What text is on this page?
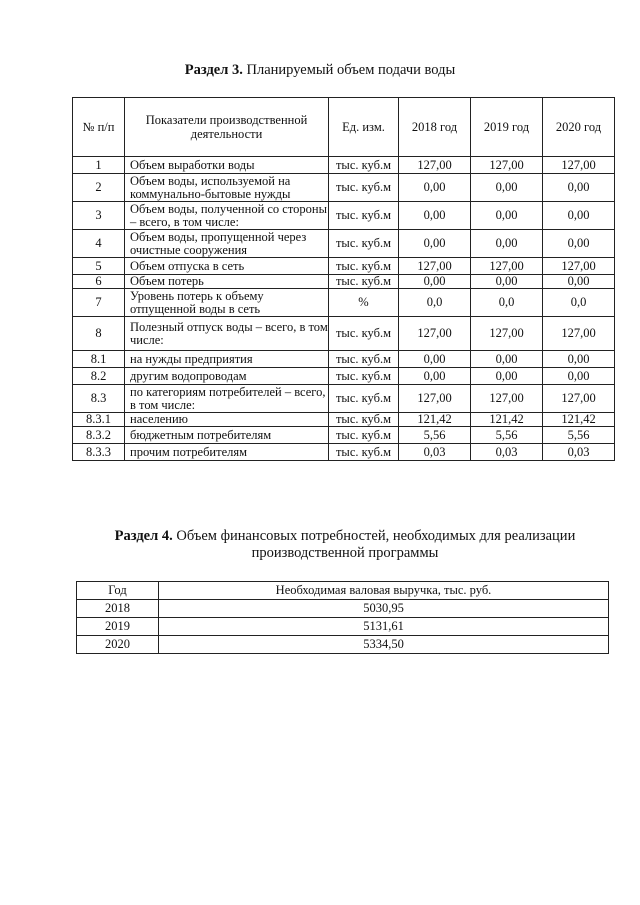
Раздел 3. Планируемый объем подачи воды
№ п/п	Показатели производственной деятельности	Ед. изм.	2018 год	2019 год	2020 год
1	Объем выработки воды	тыс. куб.м	127,00	127,00	127,00
2	Объем воды, используемой на коммунально-бытовые нужды	тыс. куб.м	0,00	0,00	0,00
3	Объем воды, полученной со стороны – всего, в том числе:	тыс. куб.м	0,00	0,00	0,00
4	Объем воды, пропущенной через очистные сооружения	тыс. куб.м	0,00	0,00	0,00
5	Объем отпуска в сеть	тыс. куб.м	127,00	127,00	127,00
6	Объем потерь	тыс. куб.м	0,00	0,00	0,00
7	Уровень потерь к объему отпущенной воды в сеть	%	0,0	0,0	0,0
8	Полезный отпуск воды – всего, в том числе:	тыс. куб.м	127,00	127,00	127,00
8.1	на нужды предприятия	тыс. куб.м	0,00	0,00	0,00
8.2	другим водопроводам	тыс. куб.м	0,00	0,00	0,00
8.3	по категориям потребителей – всего, в том числе:	тыс. куб.м	127,00	127,00	127,00
8.3.1	населению	тыс. куб.м	121,42	121,42	121,42
8.3.2	бюджетным потребителям	тыс. куб.м	5,56	5,56	5,56
8.3.3	прочим потребителям	тыс. куб.м	0,03	0,03	0,03
Раздел 4. Объем финансовых потребностей, необходимых для реализации производственной программы
Год	Необходимая валовая выручка, тыс. руб.
2018	5030,95
2019	5131,61
2020	5334,50
